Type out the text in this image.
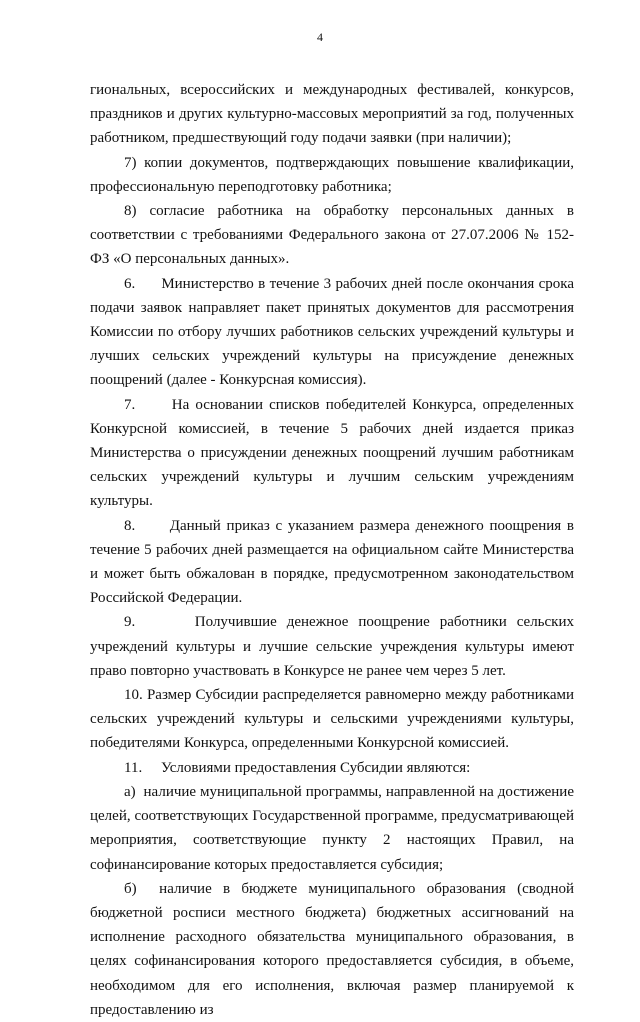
4

гиональных, всероссийских и международных фестивалей, конкурсов, праздников и других культурно-массовых мероприятий за год, полученных работником, предшествующий году подачи заявки (при наличии);

7) копии документов, подтверждающих повышение квалификации, профессиональную переподготовку работника;

8) согласие работника на обработку персональных данных в соответствии с требованиями Федерального закона от 27.07.2006 № 152-ФЗ «О персональных данных».

6.      Министерство в течение 3 рабочих дней после окончания срока подачи заявок направляет пакет принятых документов для рассмотрения Комиссии по отбору лучших работников сельских учреждений культуры и лучших сельских учреждений культуры на присуждение денежных поощрений (далее - Конкурсная комиссия).

7.      На основании списков победителей Конкурса, определенных Конкурсной комиссией, в течение 5 рабочих дней издается приказ Министерства о присуждении денежных поощрений лучшим работникам сельских учреждений культуры и лучшим сельским учреждениям культуры.

8.      Данный приказ с указанием размера денежного поощрения в течение 5 рабочих дней размещается на официальном сайте Министерства и может быть обжалован в порядке, предусмотренном законодательством Российской Федерации.

9.      Получившие денежное поощрение работники сельских учреждений культуры и лучшие сельские учреждения культуры имеют право повторно участвовать в Конкурсе не ранее чем через 5 лет.

10. Размер Субсидии распределяется равномерно между работниками сельских учреждений культуры и сельскими учреждениями культуры, победителями Конкурса, определенными Конкурсной комиссией.

11.     Условиями предоставления Субсидии являются:

а)  наличие муниципальной программы, направленной на достижение целей, соответствующих Государственной программе, предусматривающей мероприятия, соответствующие пункту 2 настоящих Правил, на софинансирование которых предоставляется субсидия;

б)  наличие в бюджете муниципального образования (сводной бюджетной росписи местного бюджета) бюджетных ассигнований на исполнение расходного обязательства муниципального образования, в целях софинансирования которого предоставляется субсидия, в объеме, необходимом для его исполнения, включая размер планируемой к предоставлению из
